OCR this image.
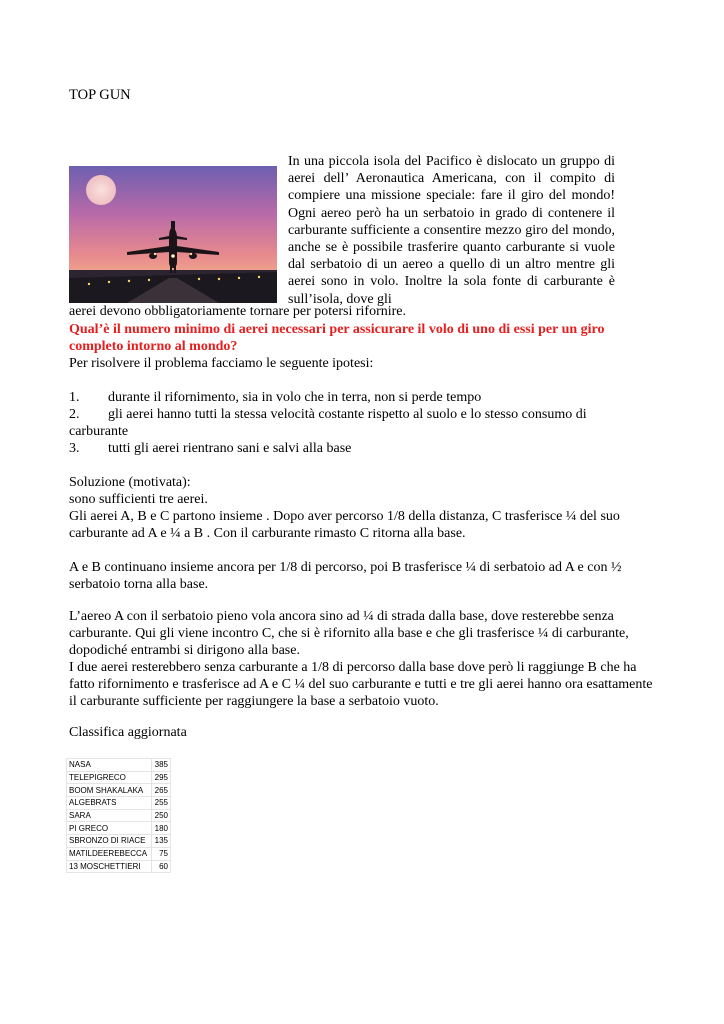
TOP GUN

In una piccola isola del Pacifico è dislocato un gruppo di aerei dell’ Aeronautica Americana, con il compito di compiere una missione speciale: fare il giro del mondo! Ogni aereo però ha un serbatoio in grado di contenere il carburante sufficiente a consentire mezzo giro del mondo, anche se è possibile trasferire quanto carburante si vuole dal serbatoio di un aereo a quello di un altro mentre gli aerei sono in volo. Inoltre la sola fonte di carburante è sull’isola, dove gli

aerei devono obbligatoriamente tornare per potersi rifornire.

Qual’è il numero minimo di aerei necessari per assicurare il volo di uno di essi per un giro completo intorno al mondo?

Per risolvere il problema facciamo le seguente ipotesi:

1. durante il rifornimento, sia in volo che in terra, non si perde tempo

2. gli aerei hanno tutti la stessa velocità costante rispetto al suolo e lo stesso consumo di carburante

3. tutti gli aerei rientrano sani e salvi alla base

Soluzione (motivata):

sono sufficienti tre aerei.

Gli aerei A, B e C partono insieme . Dopo aver percorso 1/8 della distanza, C trasferisce ¼ del suo carburante ad A e ¼ a B . Con il carburante rimasto C ritorna alla base.

A e B continuano insieme ancora per 1/8 di percorso, poi B trasferisce ¼ di serbatoio ad A e con ½ serbatoio torna alla base.

L’aereo A con il serbatoio pieno vola ancora sino ad ¼ di strada dalla base, dove resterebbe senza carburante. Qui gli viene incontro C, che si è rifornito alla base e che gli trasferisce ¼ di carburante, dopodiché entrambi si dirigono alla base.

I due aerei resterebbero senza carburante a 1/8 di percorso dalla base dove però li raggiunge B che ha fatto rifornimento e trasferisce ad A e C ¼ del suo carburante e tutti e tre gli aerei hanno ora esattamente il carburante sufficiente per raggiungere la base a serbatoio vuoto.

Classifica aggiornata
NASA	385
TELEPIGRECO	295
BOOM SHAKALAKA	265
ALGEBRATS	255
SARA	250
PI GRECO	180
SBRONZO DI RIACE	135
MATILDEEREBECCA	75
13 MOSCHETTIERI	60
